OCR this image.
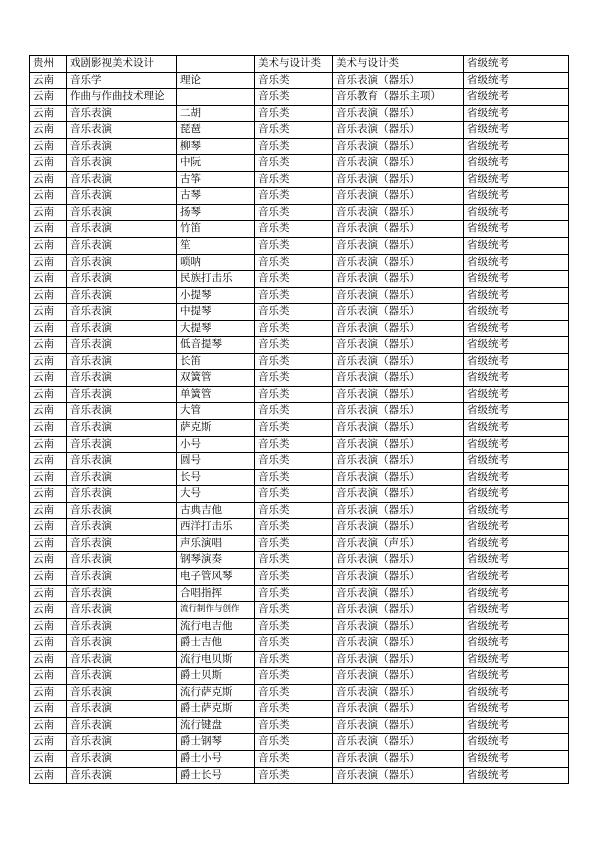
贵州	戏剧影视美术设计		美术与设计类	美术与设计类	省级统考
云南	音乐学	理论	音乐类	音乐表演（器乐）	省级统考
云南	作曲与作曲技术理论		音乐类	音乐教育（器乐主项）	省级统考
云南	音乐表演	二胡	音乐类	音乐表演（器乐）	省级统考
云南	音乐表演	琵琶	音乐类	音乐表演（器乐）	省级统考
云南	音乐表演	柳琴	音乐类	音乐表演（器乐）	省级统考
云南	音乐表演	中阮	音乐类	音乐表演（器乐）	省级统考
云南	音乐表演	古筝	音乐类	音乐表演（器乐）	省级统考
云南	音乐表演	古琴	音乐类	音乐表演（器乐）	省级统考
云南	音乐表演	扬琴	音乐类	音乐表演（器乐）	省级统考
云南	音乐表演	竹笛	音乐类	音乐表演（器乐）	省级统考
云南	音乐表演	笙	音乐类	音乐表演（器乐）	省级统考
云南	音乐表演	唢呐	音乐类	音乐表演（器乐）	省级统考
云南	音乐表演	民族打击乐	音乐类	音乐表演（器乐）	省级统考
云南	音乐表演	小提琴	音乐类	音乐表演（器乐）	省级统考
云南	音乐表演	中提琴	音乐类	音乐表演（器乐）	省级统考
云南	音乐表演	大提琴	音乐类	音乐表演（器乐）	省级统考
云南	音乐表演	低音提琴	音乐类	音乐表演（器乐）	省级统考
云南	音乐表演	长笛	音乐类	音乐表演（器乐）	省级统考
云南	音乐表演	双簧管	音乐类	音乐表演（器乐）	省级统考
云南	音乐表演	单簧管	音乐类	音乐表演（器乐）	省级统考
云南	音乐表演	大管	音乐类	音乐表演（器乐）	省级统考
云南	音乐表演	萨克斯	音乐类	音乐表演（器乐）	省级统考
云南	音乐表演	小号	音乐类	音乐表演（器乐）	省级统考
云南	音乐表演	圆号	音乐类	音乐表演（器乐）	省级统考
云南	音乐表演	长号	音乐类	音乐表演（器乐）	省级统考
云南	音乐表演	大号	音乐类	音乐表演（器乐）	省级统考
云南	音乐表演	古典吉他	音乐类	音乐表演（器乐）	省级统考
云南	音乐表演	西洋打击乐	音乐类	音乐表演（器乐）	省级统考
云南	音乐表演	声乐演唱	音乐类	音乐表演（声乐）	省级统考
云南	音乐表演	钢琴演奏	音乐类	音乐表演（器乐）	省级统考
云南	音乐表演	电子管风琴	音乐类	音乐表演（器乐）	省级统考
云南	音乐表演	合唱指挥	音乐类	音乐表演（器乐）	省级统考
云南	音乐表演	流行制作与创作	音乐类	音乐表演（器乐）	省级统考
云南	音乐表演	流行电吉他	音乐类	音乐表演（器乐）	省级统考
云南	音乐表演	爵士吉他	音乐类	音乐表演（器乐）	省级统考
云南	音乐表演	流行电贝斯	音乐类	音乐表演（器乐）	省级统考
云南	音乐表演	爵士贝斯	音乐类	音乐表演（器乐）	省级统考
云南	音乐表演	流行萨克斯	音乐类	音乐表演（器乐）	省级统考
云南	音乐表演	爵士萨克斯	音乐类	音乐表演（器乐）	省级统考
云南	音乐表演	流行键盘	音乐类	音乐表演（器乐）	省级统考
云南	音乐表演	爵士钢琴	音乐类	音乐表演（器乐）	省级统考
云南	音乐表演	爵士小号	音乐类	音乐表演（器乐）	省级统考
云南	音乐表演	爵士长号	音乐类	音乐表演（器乐）	省级统考
